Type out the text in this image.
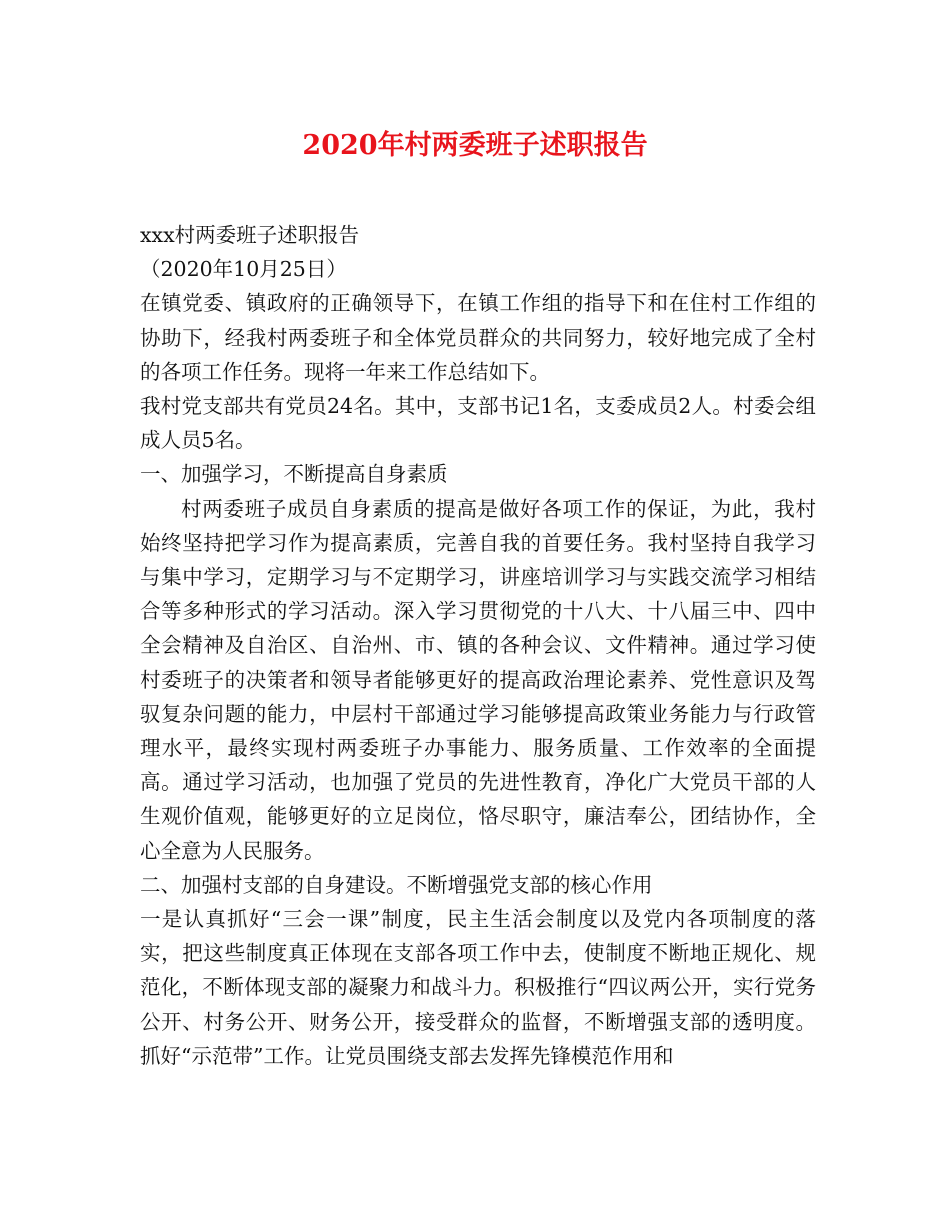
2020年村两委班子述职报告

xxx村两委班子述职报告

（2020年10月25日）

在镇党委、镇政府的正确领导下，在镇工作组的指导下和在住村工作组的协助下，经我村两委班子和全体党员群众的共同努力，较好地完成了全村的各项工作任务。现将一年来工作总结如下。

我村党支部共有党员24名。其中，支部书记1名，支委成员2人。村委会组成人员5名。

一、加强学习，不断提高自身素质

村两委班子成员自身素质的提高是做好各项工作的保证，为此，我村始终坚持把学习作为提高素质，完善自我的首要任务。我村坚持自我学习与集中学习，定期学习与不定期学习，讲座培训学习与实践交流学习相结合等多种形式的学习活动。深入学习贯彻党的十八大、十八届三中、四中全会精神及自治区、自治州、市、镇的各种会议、文件精神。通过学习使村委班子的决策者和领导者能够更好的提高政治理论素养、党性意识及驾驭复杂问题的能力，中层村干部通过学习能够提高政策业务能力与行政管理水平，最终实现村两委班子办事能力、服务质量、工作效率的全面提高。通过学习活动，也加强了党员的先进性教育，净化广大党员干部的人生观价值观，能够更好的立足岗位，恪尽职守，廉洁奉公，团结协作，全心全意为人民服务。

二、加强村支部的自身建设。不断增强党支部的核心作用

一是认真抓好“三会一课”制度，民主生活会制度以及党内各项制度的落实，把这些制度真正体现在支部各项工作中去，使制度不断地正规化、规范化，不断体现支部的凝聚力和战斗力。积极推行“四议两公开，实行党务公开、村务公开、财务公开，接受群众的监督，不断增强支部的透明度。抓好“示范带”工作。让党员围绕支部去发挥先锋模范作用和
